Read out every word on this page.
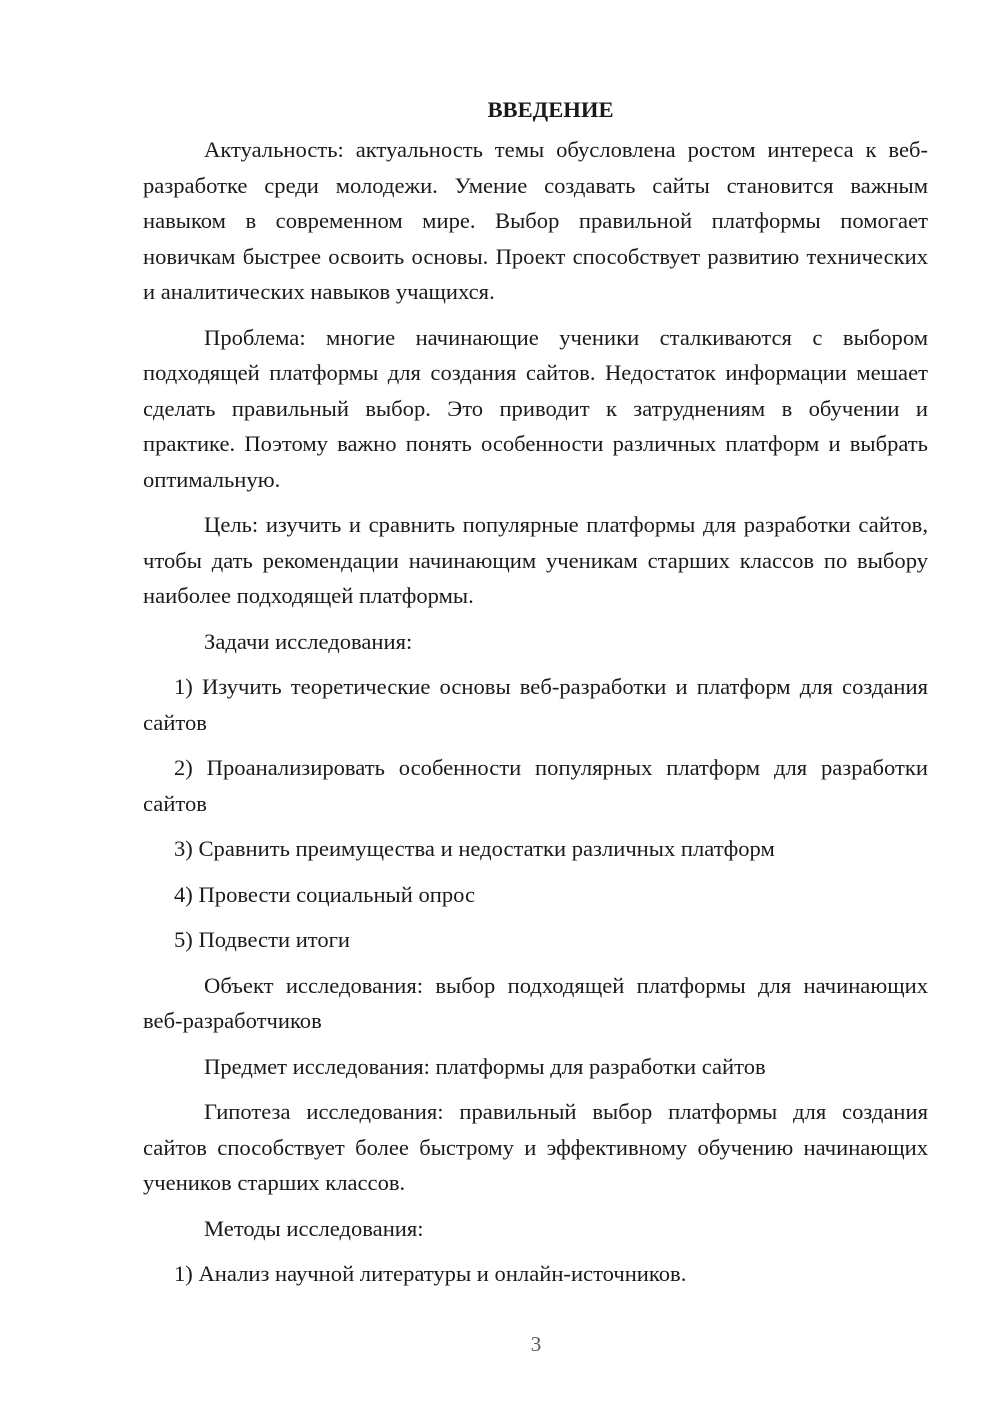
ВВЕДЕНИЕ

Актуальность: актуальность темы обусловлена ростом интереса к веб-разработке среди молодежи. Умение создавать сайты становится важным навыком в современном мире. Выбор правильной платформы помогает новичкам быстрее освоить основы. Проект способствует развитию технических и аналитических навыков учащихся.

Проблема: многие начинающие ученики сталкиваются с выбором подходящей платформы для создания сайтов. Недостаток информации мешает сделать правильный выбор. Это приводит к затруднениям в обучении и практике. Поэтому важно понять особенности различных платформ и выбрать оптимальную.

Цель: изучить и сравнить популярные платформы для разработки сайтов, чтобы дать рекомендации начинающим ученикам старших классов по выбору наиболее подходящей платформы.

Задачи исследования:

1) Изучить теоретические основы веб-разработки и платформ для создания сайтов

2) Проанализировать особенности популярных платформ для разработки сайтов

3) Сравнить преимущества и недостатки различных платформ

4) Провести социальный опрос

5) Подвести итоги

Объект исследования: выбор подходящей платформы для начинающих веб-разработчиков

Предмет исследования: платформы для разработки сайтов

Гипотеза исследования: правильный выбор платформы для создания сайтов способствует более быстрому и эффективному обучению начинающих учеников старших классов.

Методы исследования:

1) Анализ научной литературы и онлайн-источников.

3
